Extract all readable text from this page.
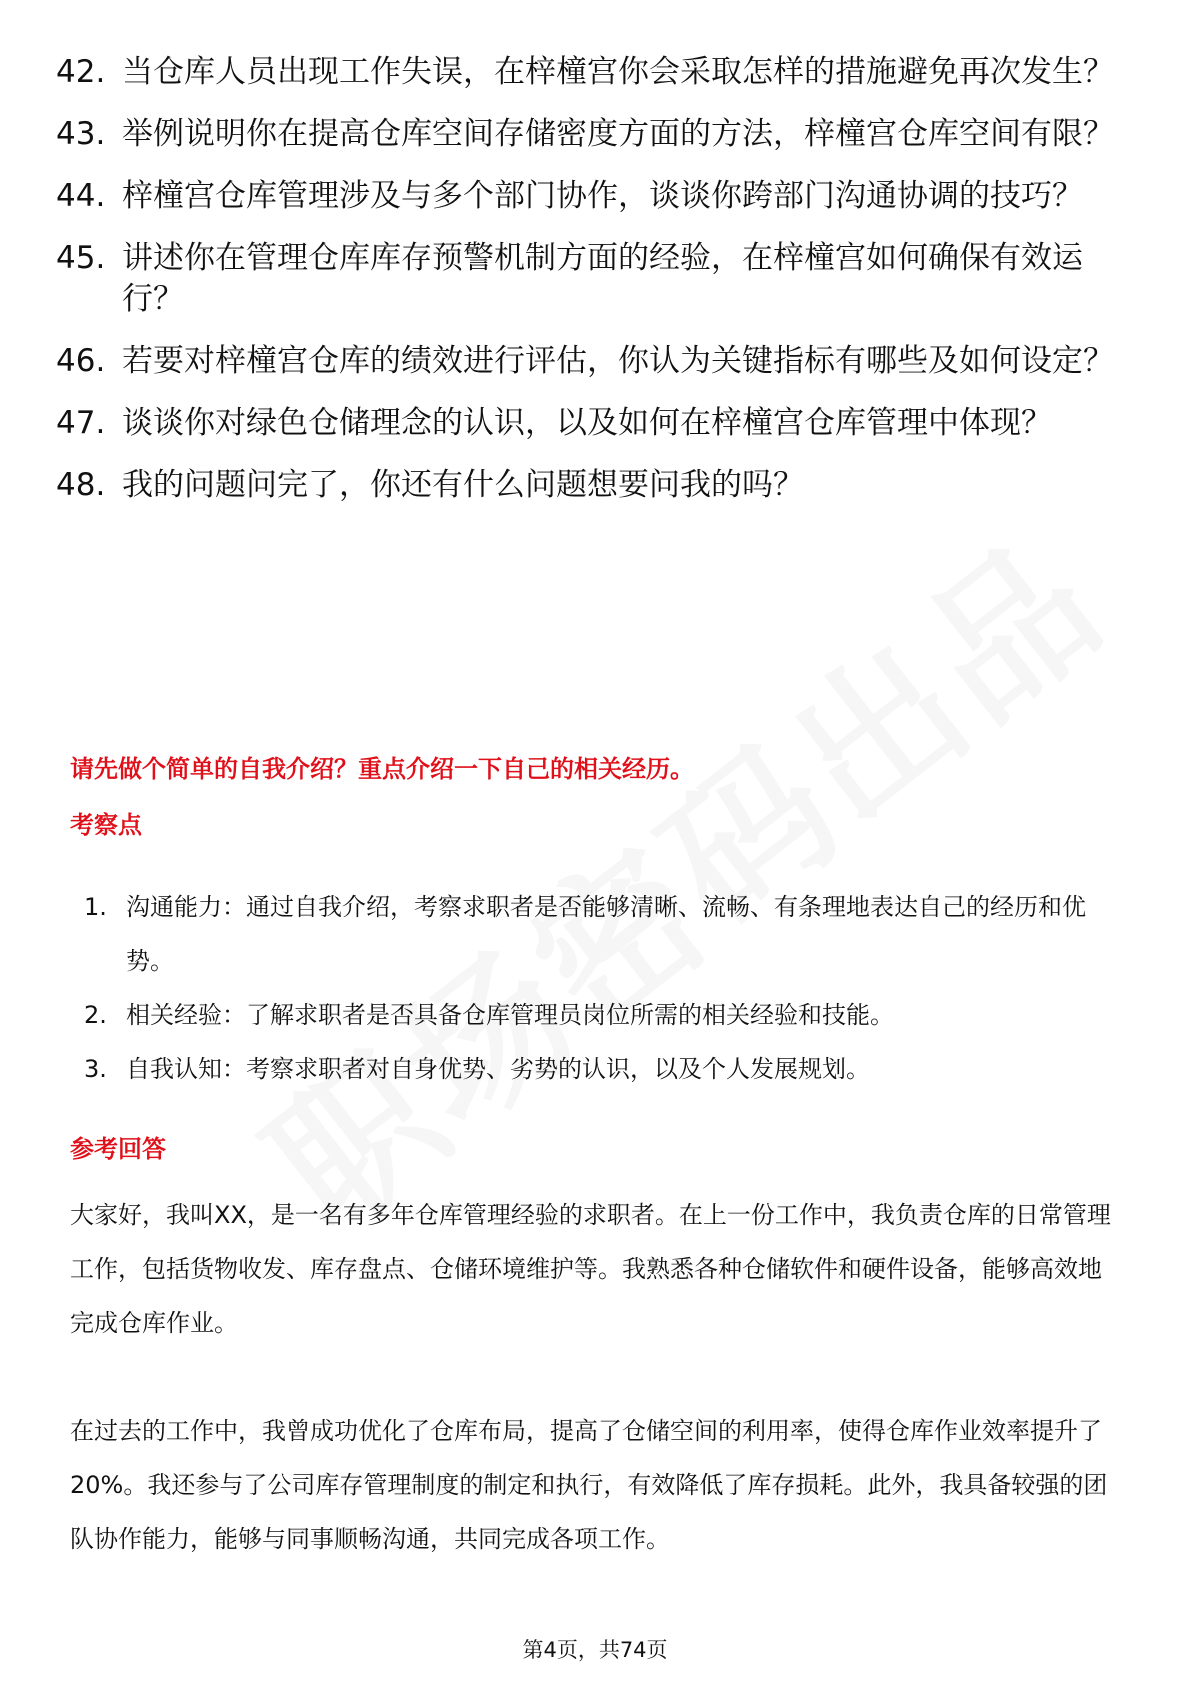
42. 当仓库人员出现工作失误，在梓橦宫你会采取怎样的措施避免再次发生？
43. 举例说明你在提高仓库空间存储密度方面的方法，梓橦宫仓库空间有限？
44. 梓橦宫仓库管理涉及与多个部门协作，谈谈你跨部门沟通协调的技巧？
45. 讲述你在管理仓库库存预警机制方面的经验，在梓橦宫如何确保有效运行？
46. 若要对梓橦宫仓库的绩效进行评估，你认为关键指标有哪些及如何设定？
47. 谈谈你对绿色仓储理念的认识，以及如何在梓橦宫仓库管理中体现？
48. 我的问题问完了，你还有什么问题想要问我的吗？
请先做个简单的自我介绍？重点介绍一下自己的相关经历。
考察点
1. 沟通能力：通过自我介绍，考察求职者是否能够清晰、流畅、有条理地表达自己的经历和优势。
2. 相关经验：了解求职者是否具备仓库管理员岗位所需的相关经验和技能。
3. 自我认知：考察求职者对自身优势、劣势的认识，以及个人发展规划。
参考回答

大家好，我叫XX，是一名有多年仓库管理经验的求职者。在上一份工作中，我负责仓库的日常管理工作，包括货物收发、库存盘点、仓储环境维护等。我熟悉各种仓储软件和硬件设备，能够高效地完成仓库作业。

在过去的工作中，我曾成功优化了仓库布局，提高了仓储空间的利用率，使得仓库作业效率提升了20%。我还参与了公司库存管理制度的制定和执行，有效降低了库存损耗。此外，我具备较强的团队协作能力，能够与同事顺畅沟通，共同完成各项工作。

第4页，共74页
